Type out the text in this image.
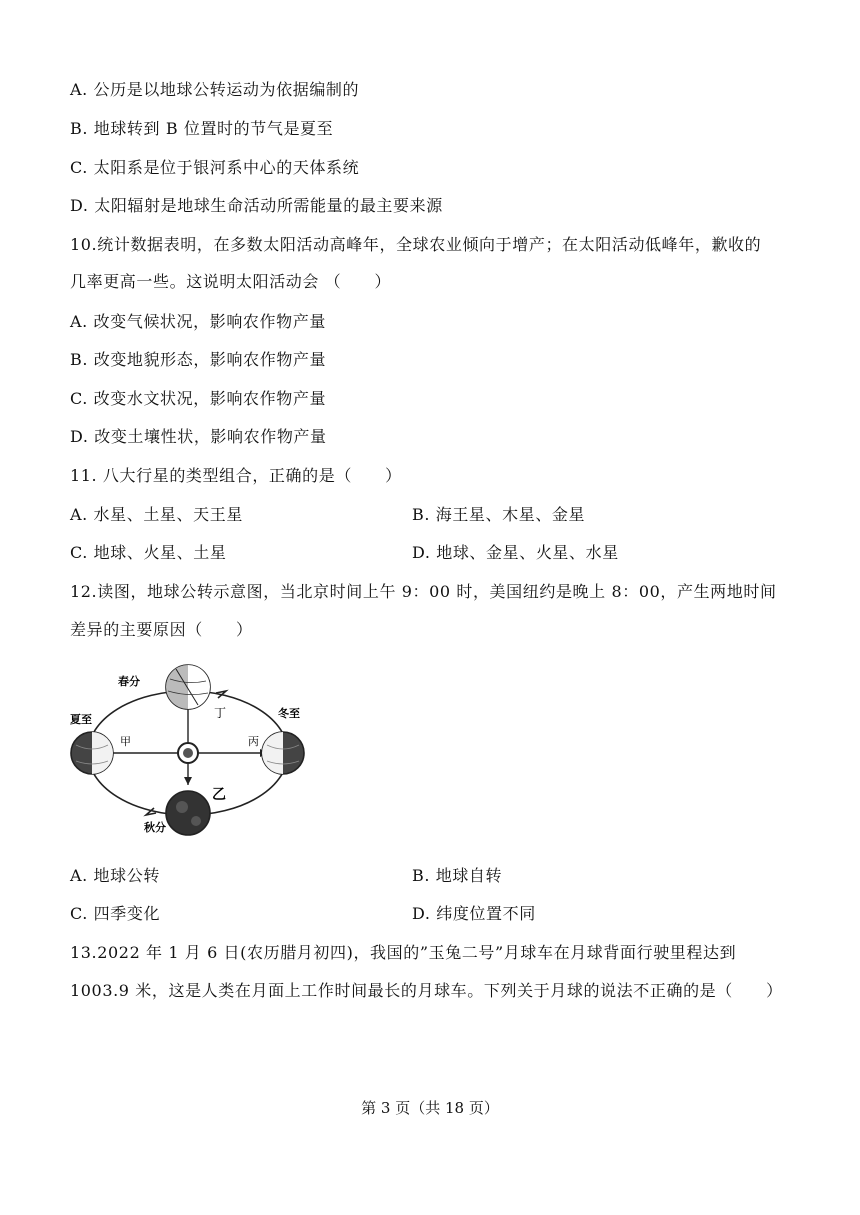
A. 公历是以地球公转运动为依据编制的
B. 地球转到 B 位置时的节气是夏至
C. 太阳系是位于银河系中心的天体系统
D. 太阳辐射是地球生命活动所需能量的最主要来源
10.统计数据表明，在多数太阳活动高峰年，全球农业倾向于增产；在太阳活动低峰年，歉收的
几率更高一些。这说明太阳活动会 （　　）
A. 改变气候状况，影响农作物产量
B. 改变地貌形态，影响农作物产量
C. 改变水文状况，影响农作物产量
D. 改变土壤性状，影响农作物产量
11. 八大行星的类型组合，正确的是（　　）
A. 水星、土星、天王星	B. 海王星、木星、金星
C. 地球、火星、土星	D. 地球、金星、火星、水星
12.读图，地球公转示意图，当北京时间上午 9：00 时，美国纽约是晚上 8：00，产生两地时间
差异的主要原因（　　）
春分
夏至	冬至
秋分
甲
乙
丙
丁
A. 地球公转	B. 地球自转
C. 四季变化	D. 纬度位置不同
13.2022 年 1 月 6 日(农历腊月初四)，我国的”玉兔二号”月球车在月球背面行驶里程达到
1003.9 米，这是人类在月面上工作时间最长的月球车。下列关于月球的说法不正确的是（　　）
第 3 页（共 18 页）
